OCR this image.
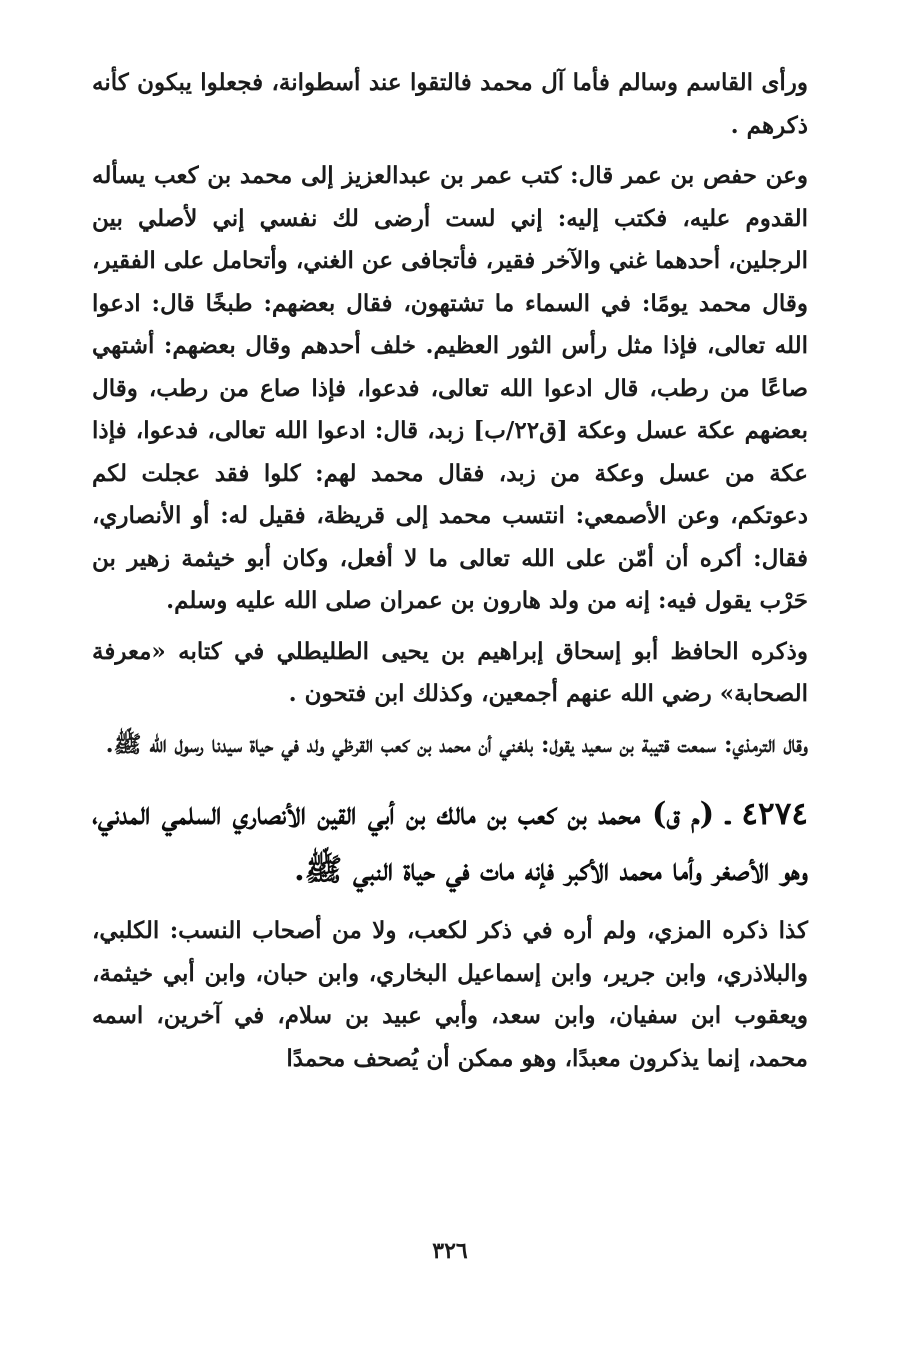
ورأى القاسم وسالم فأما آل محمد فالتقوا عند أسطوانة، فجعلوا يبكون كأنه ذكرهم .

وعن حفص بن عمر قال: كتب عمر بن عبدالعزيز إلى محمد بن كعب يسأله القدوم عليه، فكتب إليه: إني لست أرضى لك نفسي إني لأصلي بين الرجلين، أحدهما غني والآخر فقير، فأتجافى عن الغني، وأتحامل على الفقير، وقال محمد يومًا: في السماء ما تشتهون، فقال بعضهم: طبخًا قال: ادعوا الله تعالى، فإذا مثل رأس الثور العظيم. خلف أحدهم وقال بعضهم: أشتهي صاعًا من رطب، قال ادعوا الله تعالى، فدعوا، فإذا صاع من رطب، وقال بعضهم عكة عسل وعكة [ق٢٢/ب] زبد، قال: ادعوا الله تعالى، فدعوا، فإذا عكة من عسل وعكة من زبد، فقال محمد لهم: كلوا فقد عجلت لكم دعوتكم، وعن الأصمعي: انتسب محمد إلى قريظة، فقيل له: أو الأنصاري، فقال: أكره أن أمّن على الله تعالى ما لا أفعل، وكان أبو خيثمة زهير بن حَرْب يقول فيه: إنه من ولد هارون بن عمران صلى الله عليه وسلم.

وذكره الحافظ أبو إسحاق إبراهيم بن يحيى الطليطلي في كتابه «معرفة الصحابة» رضي الله عنهم أجمعين، وكذلك ابن فتحون .

وقال الترمذي: سمعت قتيبة بن سعيد يقول: بلغني أن محمد بن كعب القرظي ولد في حياة سيدنا رسول الله ﷺ.

٤٢٧٤ ـ (م ق) محمد بن كعب بن مالك بن أبي القين الأنصاري السلمي المدني، وهو الأصغر وأما محمد الأكبر فإنه مات في حياة النبي ﷺ.

كذا ذكره المزي، ولم أره في ذكر لكعب، ولا من أصحاب النسب: الكلبي، والبلاذري، وابن جرير، وابن إسماعيل البخاري، وابن حبان، وابن أبي خيثمة، ويعقوب ابن سفيان، وابن سعد، وأبي عبيد بن سلام، في آخرين، اسمه محمد، إنما يذكرون معبدًا، وهو ممكن أن يُصحف محمدًا

٣٢٦
